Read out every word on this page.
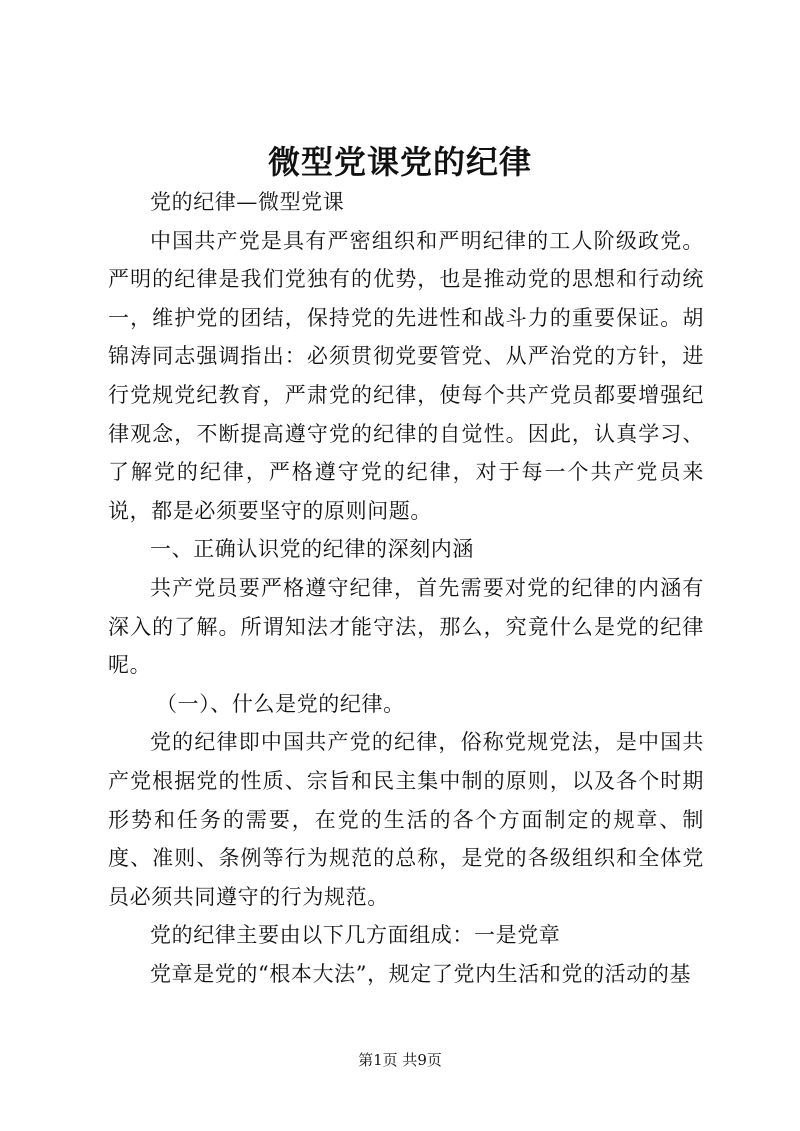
微型党课党的纪律

党的纪律—微型党课

中国共产党是具有严密组织和严明纪律的工人阶级政党。严明的纪律是我们党独有的优势，也是推动党的思想和行动统一，维护党的团结，保持党的先进性和战斗力的重要保证。胡锦涛同志强调指出：必须贯彻党要管党、从严治党的方针，进行党规党纪教育，严肃党的纪律，使每个共产党员都要增强纪律观念，不断提高遵守党的纪律的自觉性。因此，认真学习、了解党的纪律，严格遵守党的纪律，对于每一个共产党员来说，都是必须要坚守的原则问题。

一、正确认识党的纪律的深刻内涵

共产党员要严格遵守纪律，首先需要对党的纪律的内涵有深入的了解。所谓知法才能守法，那么，究竟什么是党的纪律呢。

（一）、什么是党的纪律。

党的纪律即中国共产党的纪律，俗称党规党法，是中国共产党根据党的性质、宗旨和民主集中制的原则，以及各个时期形势和任务的需要，在党的生活的各个方面制定的规章、制度、准则、条例等行为规范的总称，是党的各级组织和全体党员必须共同遵守的行为规范。

党的纪律主要由以下几方面组成：一是党章

党章是党的“根本大法”，规定了党内生活和党的活动的基

第1页 共9页
